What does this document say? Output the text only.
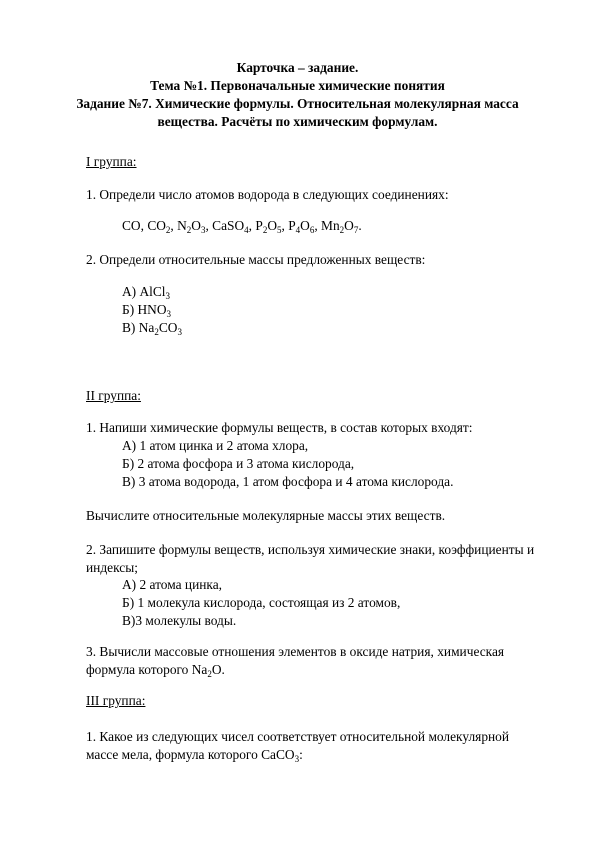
Карточка – задание.
Тема №1. Первоначальные химические понятия
Задание №7. Химические формулы. Относительная молекулярная масса
вещества. Расчёты по химическим формулам.
I группа:
1. Определи число атомов водорода в следующих соединениях:
CO, $CO_2$, $N_2O_3$, CaSO$_4$, $P_2O_5$, $P_4O_6$, $Mn_2O_7$.
2. Определи относительные массы предложенных веществ:
А) AlCl$_3$
Б) $HNO_3$
В) $Na_2CO_3$
II группа:
1. Напиши химические формулы веществ, в состав которых входят:
А) 1 атом цинка и 2 атома хлора,
Б) 2 атома фосфора и 3 атома кислорода,
В) 3 атома водорода, 1 атом фосфора и 4 атома кислорода.
Вычислите относительные молекулярные массы этих веществ.
2. Запишите формулы веществ, используя химические знаки, коэффициенты и
индексы;
А) 2 атома цинка,
Б) 1 молекула кислорода, состоящая из 2 атомов,
В)3 молекулы воды.
3. Вычисли массовые отношения элементов в оксиде натрия, химическая
формула которого $Na_2O$.
III группа:
1. Какое из следующих чисел соответствует относительной молекулярной
массе мела, формула которого CaCO$_3$:
